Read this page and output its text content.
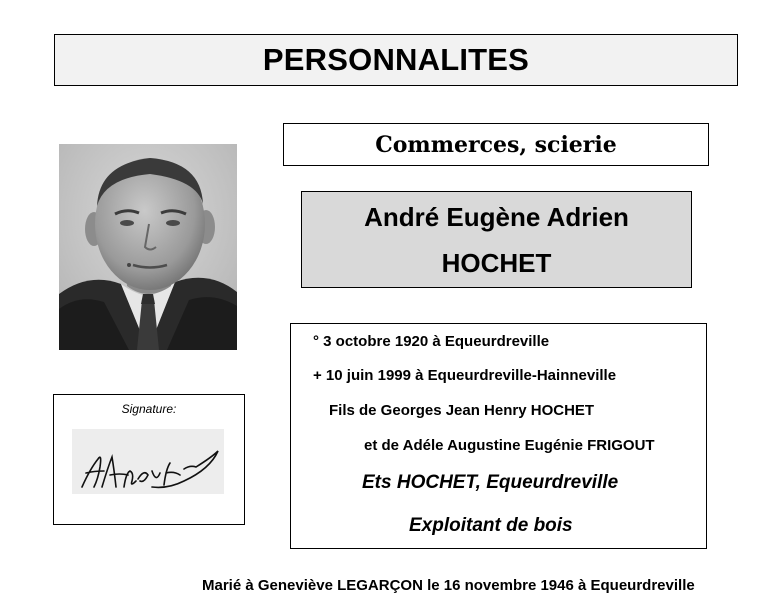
PERSONNALITES
Commerces, scierie
André Eugène Adrien
HOCHET
Signature:
° 3 octobre 1920 à Equeurdreville
+ 10 juin 1999 à Equeurdreville-Hainneville
Fils de Georges Jean Henry HOCHET
et de Adéle Augustine Eugénie FRIGOUT
Ets HOCHET, Equeurdreville
Exploitant de bois
Marié à Geneviève LEGARÇON le 16 novembre 1946 à Equeurdreville
